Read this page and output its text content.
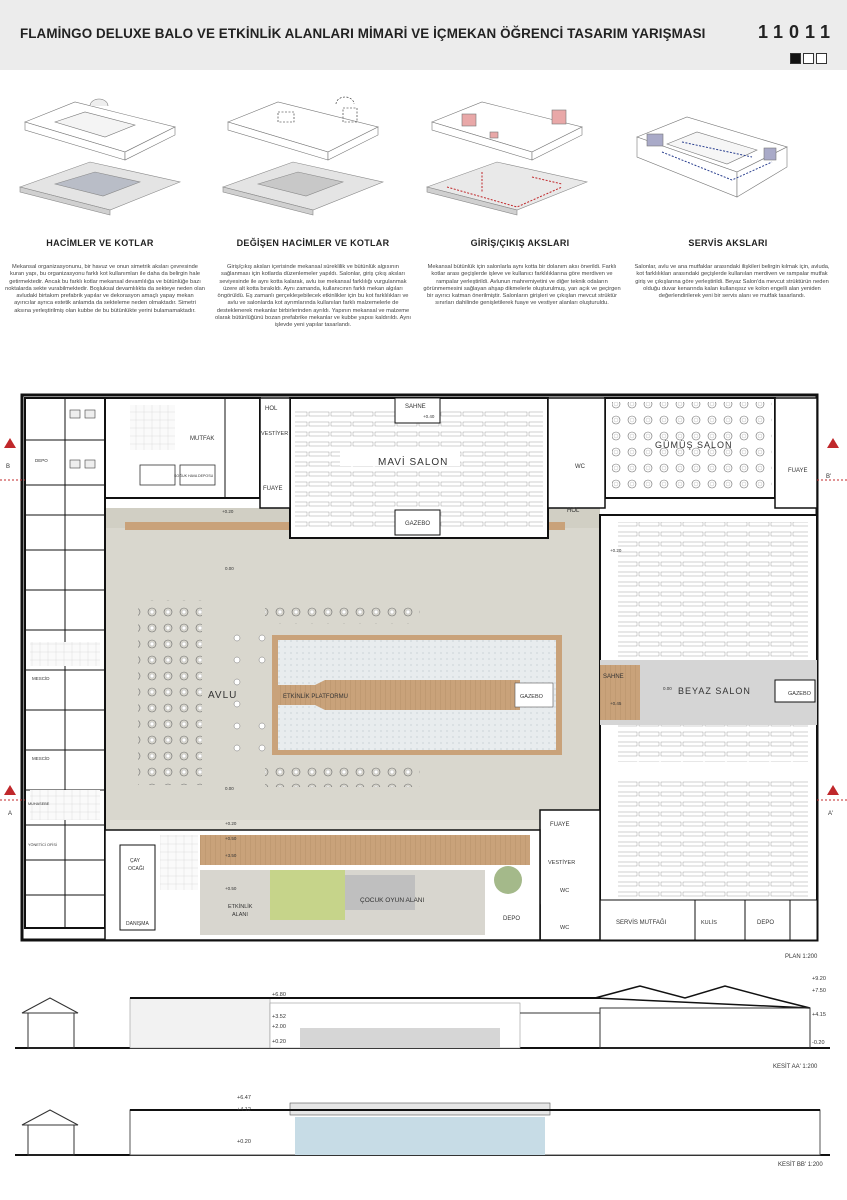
FLAMİNGO DELUXE BALO VE ETKİNLİK ALANLARI MİMARİ VE İÇMEKAN ÖĞRENCİ TASARIM YARIŞMASI	11011
HACİMLER VE KOTLAR
Mekansal organizasyonunu, bir havuz ve onun simetrik aksları çevresinde kuran yapı, bu organizasyonu farklı kot kullanımları ile daha da belirgin hale getirmektedir. Ancak bu farklı kotlar mekansal devamlılığa ve bütünlüğe bazı noktalarda sekte vurabilmektedir. Boşluksal devamlılıkta da sekteye neden olan avludaki birtakım prefabrik yapılar ve dekorasyon amaçlı yapay mekan ayırıcılar ayrıca estetik anlamda da sekteleme neden olmaktadır. Simetri aksına yerleştirilmiş olan kubbe de bu bütünlükte yerini bulamamaktadır.
DEĞİŞEN HACİMLER VE KOTLAR
Giriş/çıkış aksları içerisinde mekansal süreklilik ve bütünlük algısının sağlanması için kotlarda düzenlemeler yapıldı. Salonlar, giriş çıkış aksları seviyesinde ile aynı kotta kalarak, avlu ise mekansal farklılığı vurgulanmak üzere alt kotta bırakıldı. Aynı zamanda, kullanıcının farklı mekan algıları öngörüldü. Eş zamanlı gerçekleşebilecek etkinlikler için bu kot farklılıkları ve avlu ve salonlarda kot ayrımlarında kullanılan farklı malzemelerle de desteklenerek mekanlar birbirlerinden ayrıldı. Yapının mekansal ve malzeme olarak bütünlüğünü bozan prefabrike mekanlar ve kubbe yapısı kaldırıldı. Aynı işlevde yeni yapılar tasarlandı.
GİRİŞ/ÇIKIŞ AKSLARI
Mekansal bütünlük için salonlarla aynı kotta bir dolanım aksı önerildi. Farklı kotlar arası geçişlerde işleve ve kullanıcı farklılıklarına göre merdiven ve rampalar yerleştirildi. Avlunun mahremiyetini ve diğer teknik odaların görünmemesini sağlayan ahşap dikmelerle oluşturulmuş, yarı açık ve geçirgen bir ayırıcı katman önerilmiştir. Salonların girişleri ve çıkışları mevcut strüktür sınırları dahilinde genişletilerek fuaye ve vestiyer alanları oluşturuldu.
SERVİS AKSLARI
Salonlar, avlu ve ana mutfaklar arasındaki ilişkileri belirgin kılmak için, avluda, kot farklılıkları arasındaki geçişlerde kullanılan merdiven ve rampalar mutfak giriş ve çıkışlarına göre yerleştirildi. Beyaz Salon'da mevcut strüktürün neden olduğu duvar kenarında kalan kullanışsız ve kolon engelli alan yeniden değerlendirilerek yeni bir servis alanı ve mutfak tasarlandı.
B
B'
A	A'
MAVİ SALON
GÜMÜŞ SALON
BEYAZ SALON
AVLU	ETKİNLİK PLATFORMU	GAZEBO
GAZEBO
GAZEBO
SAHNE
SAHNE
MUTFAK
HOL
HOL
VESTİYER
VESTİYER
FUAYE
FUAYE
FUAYE
WC
WC
WC
DEPO
DEPO
DEPO
ÇOCUK OYUN ALANI
ETKİNLİK
ALANI
SERVİS MUTFAĞI	KULİS
DANIŞMA
ÇAY
OCAĞI
MESCİD
MESCİD
SOĞUK HAVA DEPOSU
YÖNETİCİ OFİSİ
MUHASEBE
+0.40
+0.20
0.00
0.00
0.00
+0.45
+0.20
+0.50
+3.50
+0.20
+0.50
PLAN 1:200
+9.20
+7.50
+6.80
+4.15
+3.52
+2.00
+0.20	-0.20
KESİT AA' 1:200
+6.47
+4.12
+0.20
KESİT BB' 1:200
